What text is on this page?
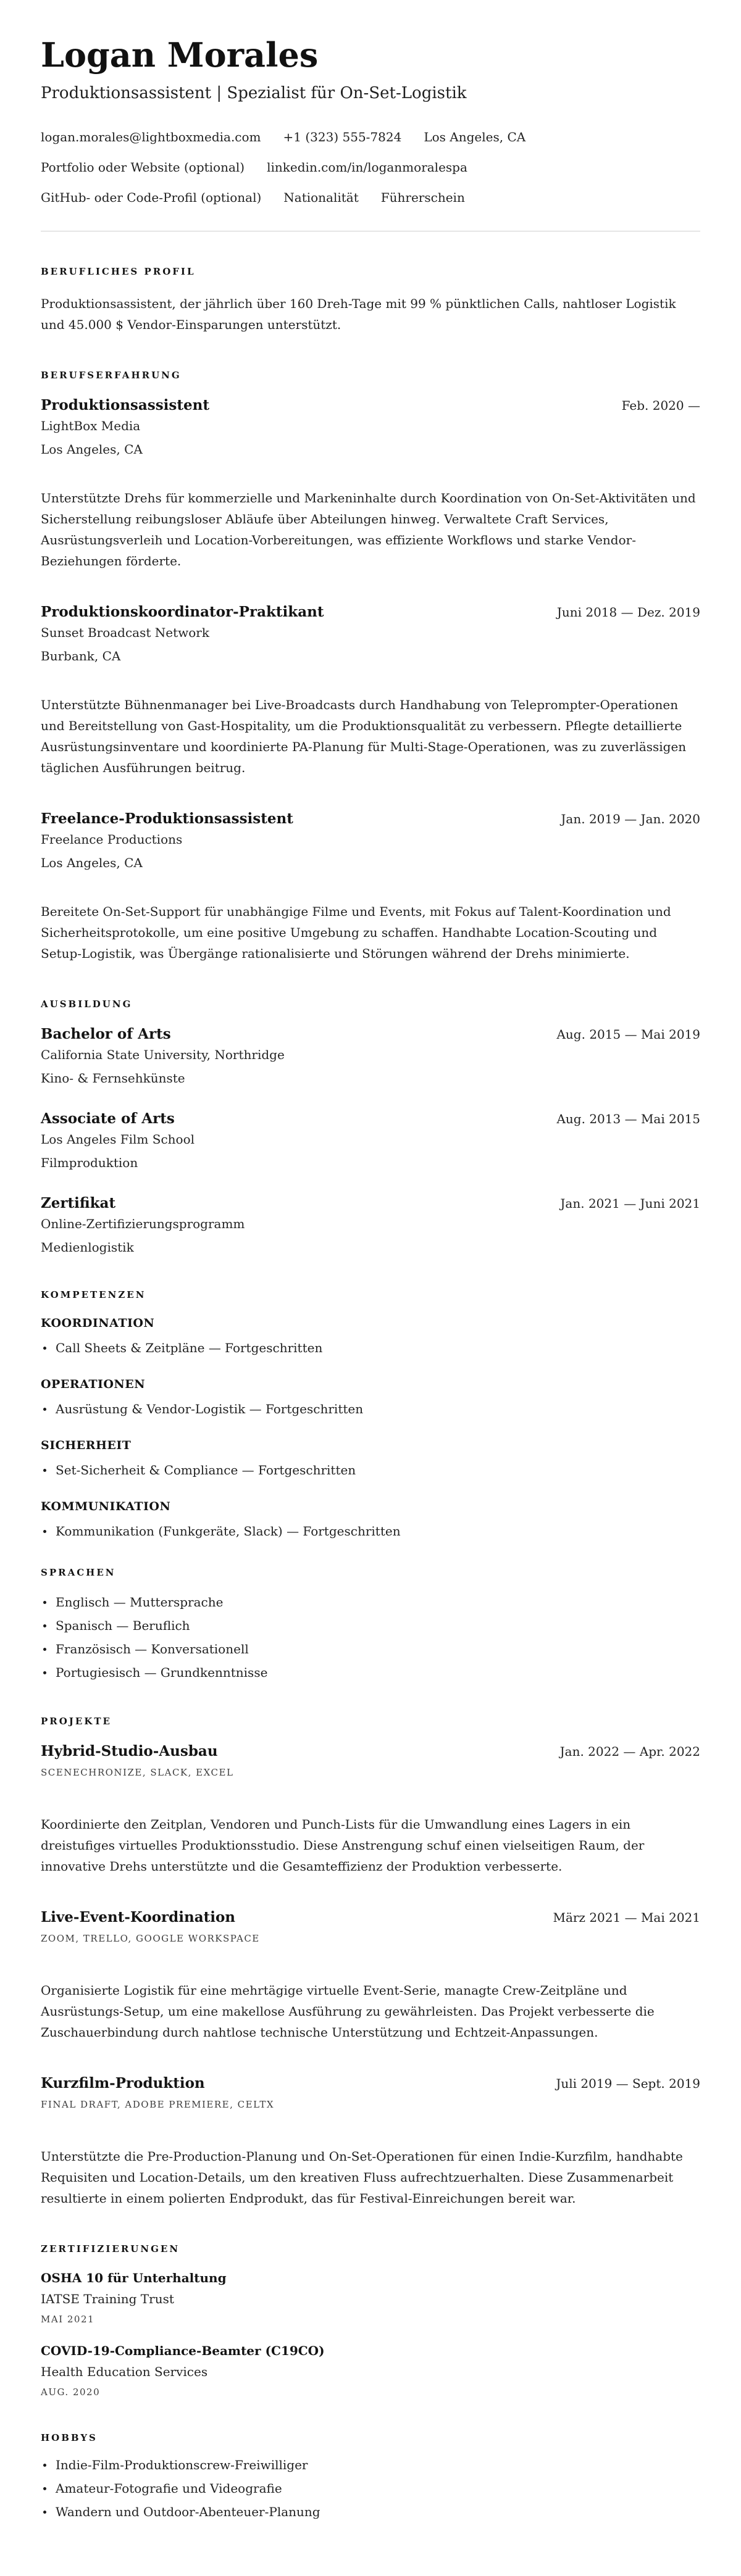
Logan Morales

Produktionsassistent | Spezialist für On-Set-Logistik

logan.morales@lightboxmedia.com +1 (323) 555-7824 Los Angeles, CA
Portfolio oder Website (optional) linkedin.com/in/loganmoralespa
GitHub- oder Code-Profil (optional) Nationalität Führerschein
BERUFLICHES PROFIL

Produktionsassistent, der jährlich über 160 Dreh-Tage mit 99 % pünktlichen Calls, nahtloser Logistik und 45.000 $ Vendor-Einsparungen unterstützt.

BERUFSERFAHRUNG
Produktionsassistent	Feb. 2020 —

LightBox Media

Los Angeles, CA

Unterstützte Drehs für kommerzielle und Markeninhalte durch Koordination von On-Set-Aktivitäten und Sicherstellung reibungsloser Abläufe über Abteilungen hinweg. Verwaltete Craft Services, Ausrüstungsverleih und Location-Vorbereitungen, was effiziente Workflows und starke Vendor-Beziehungen förderte.

Produktionskoordinator-Praktikant	Juni 2018 — Dez. 2019

Sunset Broadcast Network

Burbank, CA

Unterstützte Bühnenmanager bei Live-Broadcasts durch Handhabung von Teleprompter-Operationen und Bereitstellung von Gast-Hospitality, um die Produktionsqualität zu verbessern. Pflegte detaillierte Ausrüstungsinventare und koordinierte PA-Planung für Multi-Stage-Operationen, was zu zuverlässigen täglichen Ausführungen beitrug.

Freelance-Produktionsassistent	Jan. 2019 — Jan. 2020

Freelance Productions

Los Angeles, CA

Bereitete On-Set-Support für unabhängige Filme und Events, mit Fokus auf Talent-Koordination und Sicherheitsprotokolle, um eine positive Umgebung zu schaffen. Handhabte Location-Scouting und Setup-Logistik, was Übergänge rationalisierte und Störungen während der Drehs minimierte.

AUSBILDUNG
Bachelor of Arts	Aug. 2015 — Mai 2019

California State University, Northridge

Kino- & Fernsehkünste

Associate of Arts	Aug. 2013 — Mai 2015

Los Angeles Film School

Filmproduktion

Zertifikat	Jan. 2021 — Juni 2021

Online-Zertifizierungsprogramm

Medienlogistik

KOMPETENZEN
KOORDINATION
Call Sheets & Zeitpläne — Fortgeschritten
OPERATIONEN
Ausrüstung & Vendor-Logistik — Fortgeschritten
SICHERHEIT
Set-Sicherheit & Compliance — Fortgeschritten
KOMMUNIKATION
Kommunikation (Funkgeräte, Slack) — Fortgeschritten
SPRACHEN
Englisch — Muttersprache
Spanisch — Beruflich
Französisch — Konversationell
Portugiesisch — Grundkenntnisse
PROJEKTE
Hybrid-Studio-Ausbau	Jan. 2022 — Apr. 2022

SCENECHRONIZE, SLACK, EXCEL

Koordinierte den Zeitplan, Vendoren und Punch-Lists für die Umwandlung eines Lagers in ein dreistufiges virtuelles Produktionsstudio. Diese Anstrengung schuf einen vielseitigen Raum, der innovative Drehs unterstützte und die Gesamteffizienz der Produktion verbesserte.

Live-Event-Koordination	März 2021 — Mai 2021

ZOOM, TRELLO, GOOGLE WORKSPACE

Organisierte Logistik für eine mehrtägige virtuelle Event-Serie, managte Crew-Zeitpläne und Ausrüstungs-Setup, um eine makellose Ausführung zu gewährleisten. Das Projekt verbesserte die Zuschauerbindung durch nahtlose technische Unterstützung und Echtzeit-Anpassungen.

Kurzfilm-Produktion	Juli 2019 — Sept. 2019

FINAL DRAFT, ADOBE PREMIERE, CELTX

Unterstützte die Pre-Production-Planung und On-Set-Operationen für einen Indie-Kurzfilm, handhabte Requisiten und Location-Details, um den kreativen Fluss aufrechtzuerhalten. Diese Zusammenarbeit resultierte in einem polierten Endprodukt, das für Festival-Einreichungen bereit war.

ZERTIFIZIERUNGEN
OSHA 10 für Unterhaltung

IATSE Training Trust

MAI 2021

COVID-19-Compliance-Beamter (C19CO)

Health Education Services

AUG. 2020

HOBBYS
Indie-Film-Produktionscrew-Freiwilliger
Amateur-Fotografie und Videografie
Wandern und Outdoor-Abenteuer-Planung
